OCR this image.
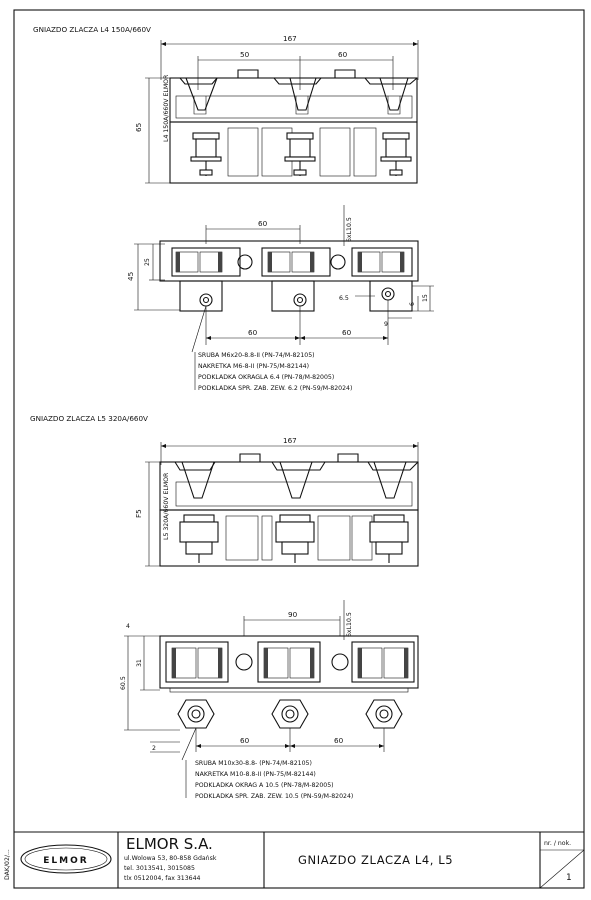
GNIAZDO ZLACZA L4 150A/660V
167
50	60
65	L4 150A/660V ELMOR
60	6xL10.5
45
25
15
6
6.5
9
60	60
SRUBA M6x20-8.8-II (PN-74/M-82105)
NAKRETKA M6-8-II (PN-75/M-82144)
PODKLADKA OKRAGLA 6.4 (PN-78/M-82005)
PODKLADKA SPR. ZAB. ZEW. 6.2 (PN-59/M-82024)
GNIAZDO ZLACZA L5 320A/660V
167
F5	L5 320A/660V ELMOR
90	6xL10.5
60.5
31
4
60	60
2
SRUBA M10x30-8.8- (PN-74/M-82105)
NAKRETKA M10-8.8-II (PN-75/M-82144)
PODKLADKA OKRAG A 10.5 (PN-78/M-82005)
PODKLADKA SPR. ZAB. ZEW. 10.5 (PN-59/M-82024)
ELMOR
ELMOR S.A.
ul.Wolowa 53, 80-858 Gdańsk
tel. 3013541, 3015085
tlx 0512004, fax 313644
GNIAZDO ZLACZA L4, L5
nr. / nok.
1
DAK/02/...
